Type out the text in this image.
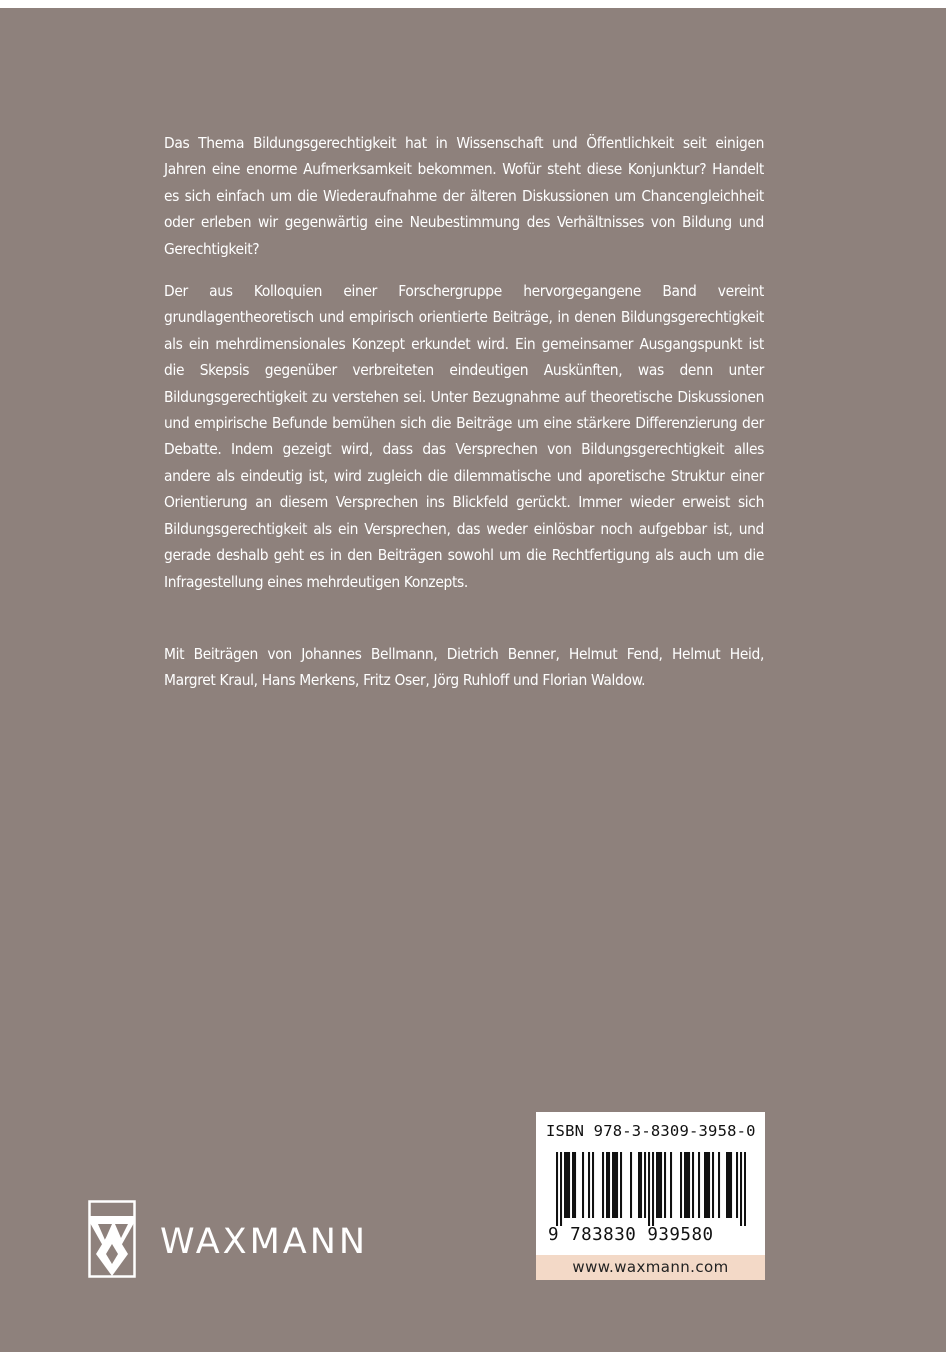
Das Thema Bildungsgerechtigkeit hat in Wissenschaft und Öffentlichkeit seit einigen Jahren eine enorme Aufmerksamkeit bekommen. Wofür steht diese Konjunktur? Handelt es sich einfach um die Wiederaufnahme der älteren Diskussionen um Chancengleichheit oder erleben wir gegenwärtig eine Neubestimmung des Verhältnisses von Bildung und Gerechtigkeit?

Der aus Kolloquien einer Forschergruppe hervorgegangene Band vereint grundlagentheoretisch und empirisch orientierte Beiträge, in denen Bildungsgerechtigkeit als ein mehrdimensionales Konzept erkundet wird. Ein gemeinsamer Ausgangspunkt ist die Skepsis gegenüber verbreiteten eindeutigen Auskünften, was denn unter Bildungsgerechtigkeit zu verstehen sei. Unter Bezugnahme auf theoretische Diskussionen und empirische Befunde bemühen sich die Beiträge um eine stärkere Differenzierung der Debatte. Indem gezeigt wird, dass das Versprechen von Bildungsgerechtigkeit alles andere als eindeutig ist, wird zugleich die dilemmatische und aporetische Struktur einer Orientierung an diesem Versprechen ins Blickfeld gerückt. Immer wieder erweist sich Bildungsgerechtigkeit als ein Versprechen, das weder einlösbar noch aufgebbar ist, und gerade deshalb geht es in den Beiträgen sowohl um die Rechtfertigung als auch um die Infragestellung eines mehrdeutigen Konzepts.

Mit Beiträgen von Johannes Bellmann, Dietrich Benner, Helmut Fend, Helmut Heid, Margret Kraul, Hans Merkens, Fritz Oser, Jörg Ruhloff und Florian Waldow.

WAXMANN
ISBN 978-3-8309-3958-0
9 783830 939580
www.waxmann.com
